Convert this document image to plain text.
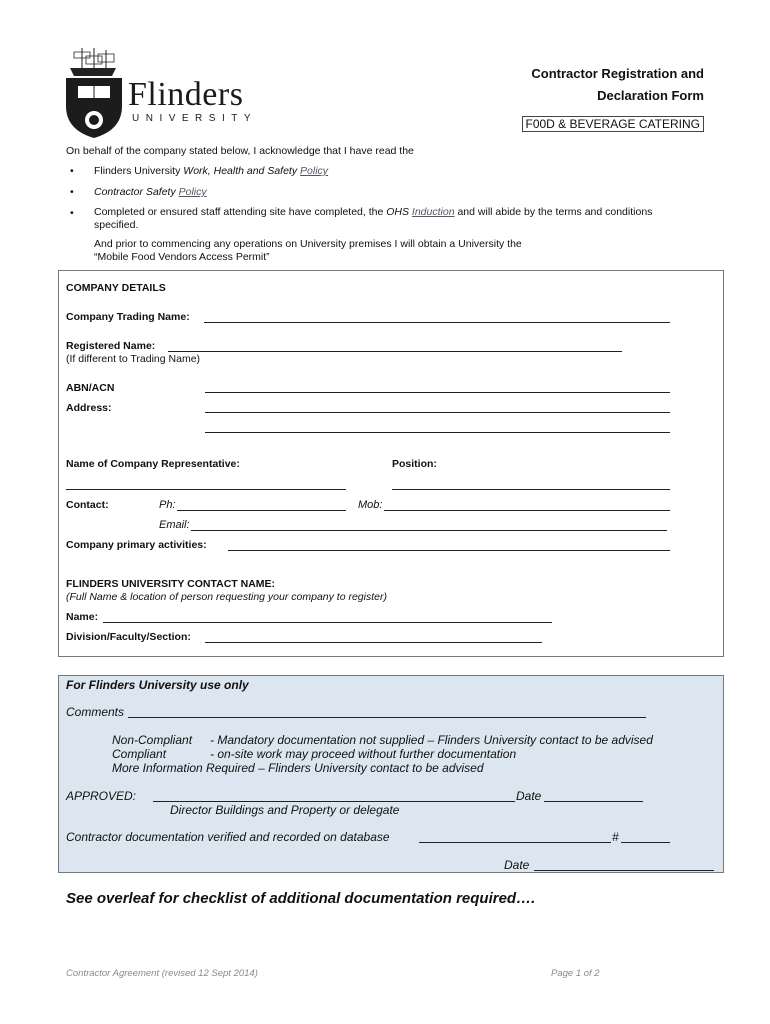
Flinders
UNIVERSITY
Contractor Registration and
Declaration Form
F00D & BEVERAGE CATERING
On behalf of the company stated below, I acknowledge that I have read the
• Flinders University Work, Health and Safety Policy
• Contractor Safety Policy
• Completed or ensured staff attending site have completed, the OHS Induction and will abide by the terms and conditions specified.
And prior to commencing any operations on University premises I will obtain a University the
“Mobile Food Vendors Access Permit”
COMPANY DETAILS
Company Trading Name:
Registered Name:
(If different to Trading Name)
ABN/ACN
Address:
Name of Company Representative:	Position:
Contact:	Ph:	Mob:
Email:
Company primary activities:
FLINDERS UNIVERSITY CONTACT NAME:
(Full Name & location of person requesting your company to register)
Name:
Division/Faculty/Section:
For Flinders University use only
Comments
Non-Compliant - Mandatory documentation not supplied – Flinders University contact to be advised
Compliant	- on-site work may proceed without further documentation
More Information Required – Flinders University contact to be advised
APPROVED:	Date
Director Buildings and Property or delegate
Contractor documentation verified and recorded on database	#
Date
See overleaf for checklist of additional documentation required….
Contractor Agreement (revised 12 Sept 2014)	Page 1 of 2
